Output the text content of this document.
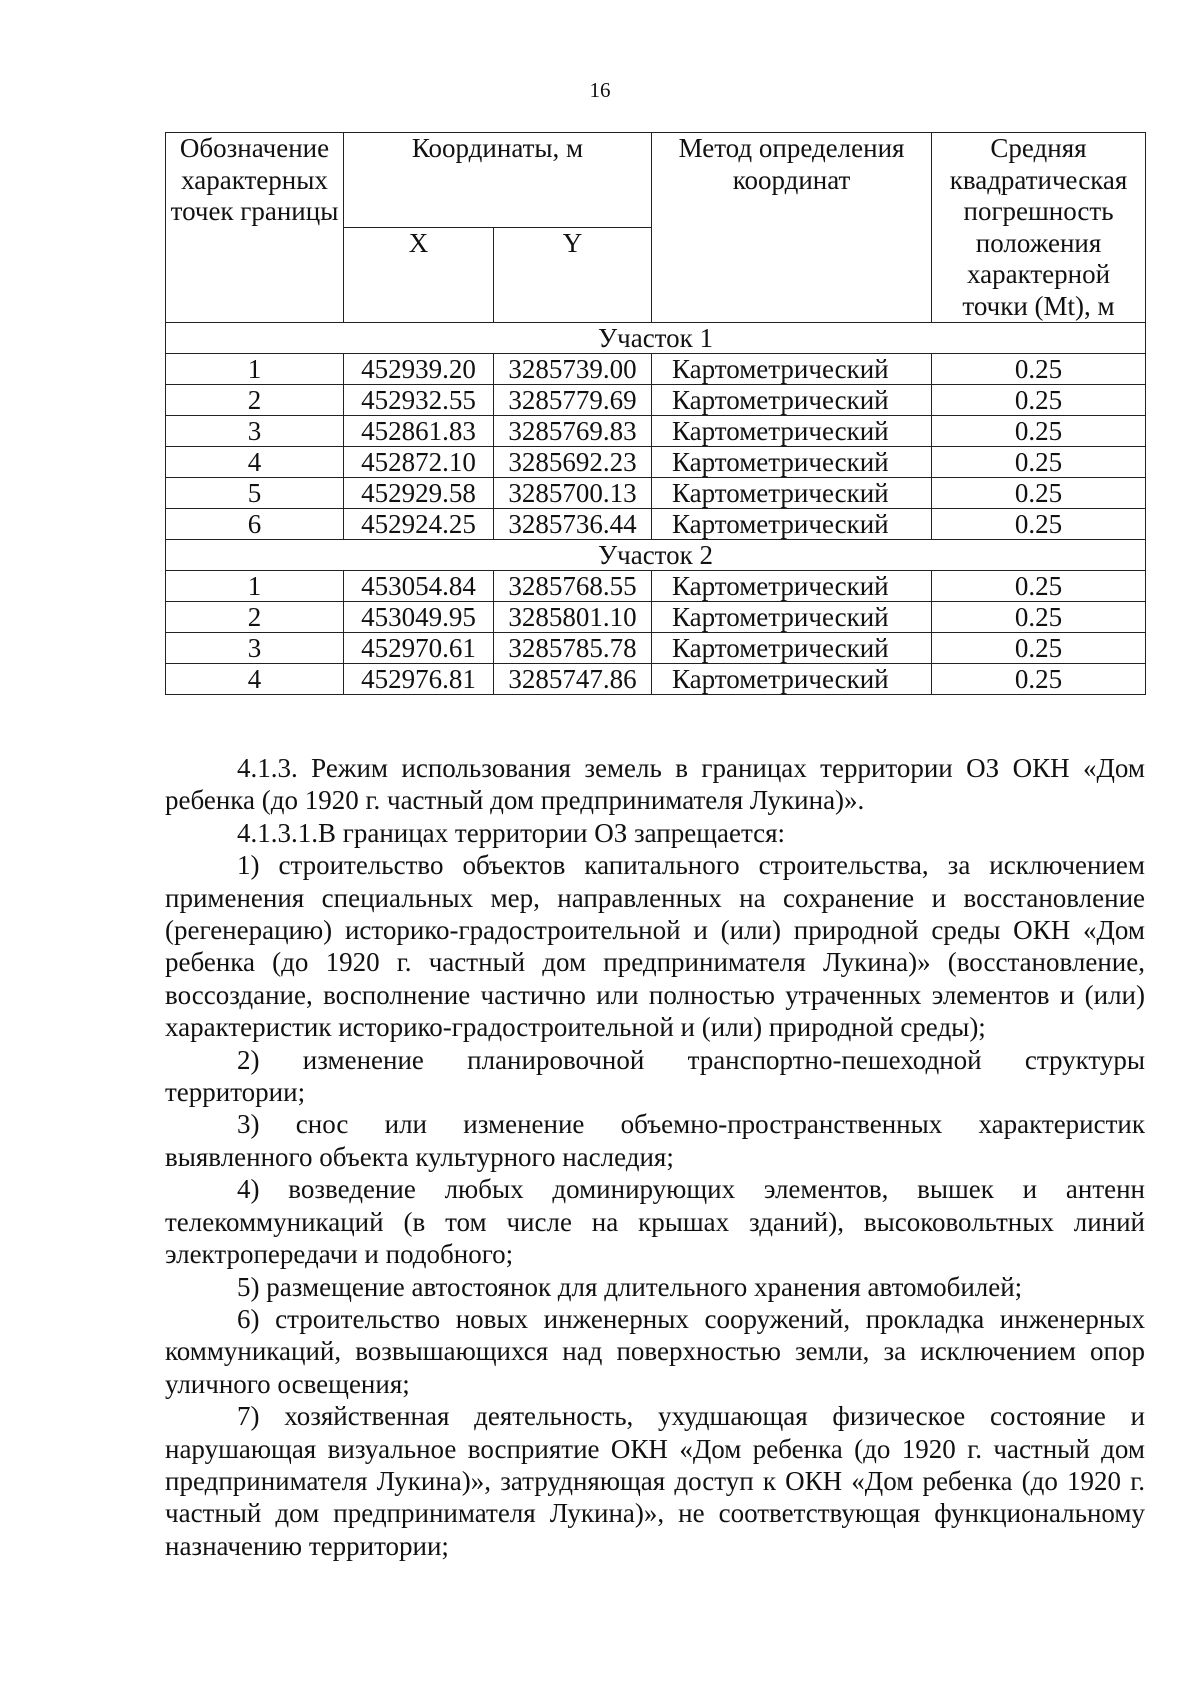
16
Обозначение характерных точек границы	Координаты, м		Метод определения координат	Средняя квадратическая погрешность положения характерной точки (Mt), м
	X	Y		
Участок 1				
1	452939.20	3285739.00	Картометрический	0.25
2	452932.55	3285779.69	Картометрический	0.25
3	452861.83	3285769.83	Картометрический	0.25
4	452872.10	3285692.23	Картометрический	0.25
5	452929.58	3285700.13	Картометрический	0.25
6	452924.25	3285736.44	Картометрический	0.25
Участок 2				
1	453054.84	3285768.55	Картометрический	0.25
2	453049.95	3285801.10	Картометрический	0.25
3	452970.61	3285785.78	Картометрический	0.25
4	452976.81	3285747.86	Картометрический	0.25

4.1.3. Режим использования земель в границах территории ОЗ ОКН «Дом ребенка (до 1920 г. частный дом предпринимателя Лукина)».

4.1.3.1.В границах территории ОЗ запрещается:

1) строительство объектов капитального строительства, за исключением применения специальных мер, направленных на сохранение и восстановление (регенерацию) историко-градостроительной и (или) природной среды ОКН «Дом ребенка (до 1920 г. частный дом предпринимателя Лукина)» (восстановление, воссоздание, восполнение частично или полностью утраченных элементов и (или) характеристик историко-градостроительной и (или) природной среды);

2) изменение планировочной транспортно-пешеходной структуры территории;

3) снос или изменение объемно-пространственных характеристик выявленного объекта культурного наследия;

4) возведение любых доминирующих элементов, вышек и антенн телекоммуникаций (в том числе на крышах зданий), высоковольтных линий электропередачи и подобного;

5) размещение автостоянок для длительного хранения автомобилей;

6) строительство новых инженерных сооружений, прокладка инженерных коммуникаций, возвышающихся над поверхностью земли, за исключением опор уличного освещения;

7) хозяйственная деятельность, ухудшающая физическое состояние и нарушающая визуальное восприятие ОКН «Дом ребенка (до 1920 г. частный дом предпринимателя Лукина)», затрудняющая доступ к ОКН «Дом ребенка (до 1920 г. частный дом предпринимателя Лукина)», не соответствующая функциональному назначению территории;
